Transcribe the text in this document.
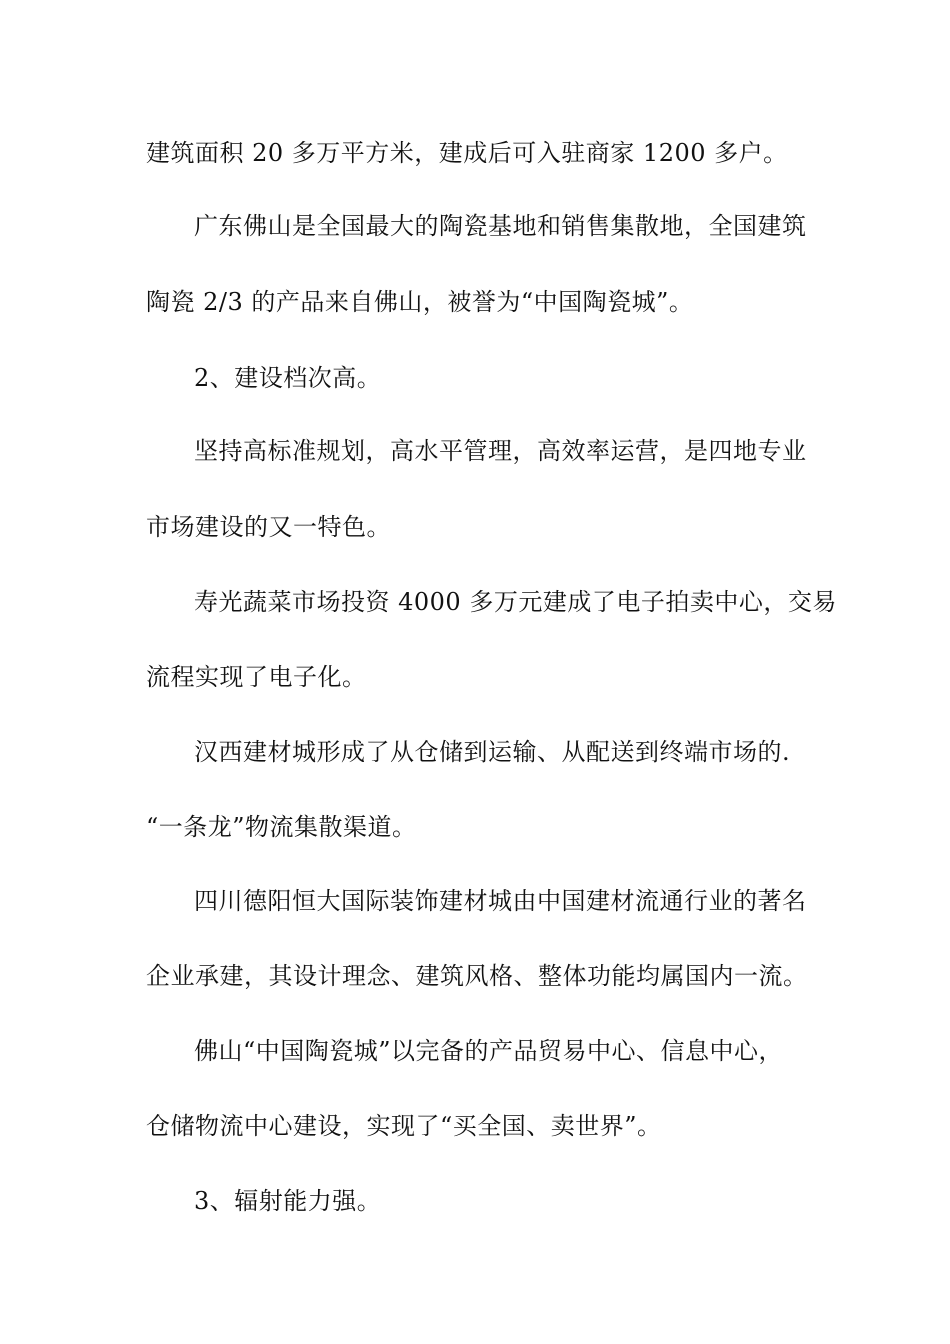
建筑面积 20 多万平方米，建成后可入驻商家 1200 多户。
广东佛山是全国最大的陶瓷基地和销售集散地，全国建筑
陶瓷 2/3 的产品来自佛山，被誉为“中国陶瓷城”。
2、建设档次高。
坚持高标准规划，高水平管理，高效率运营，是四地专业
市场建设的又一特色。
寿光蔬菜市场投资 4000 多万元建成了电子拍卖中心，交易
流程实现了电子化。
汉西建材城形成了从仓储到运输、从配送到终端市场的.
“一条龙”物流集散渠道。
四川德阳恒大国际装饰建材城由中国建材流通行业的著名
企业承建，其设计理念、建筑风格、整体功能均属国内一流。
佛山“中国陶瓷城”以完备的产品贸易中心、信息中心，
仓储物流中心建设，实现了“买全国、卖世界”。
3、辐射能力强。
